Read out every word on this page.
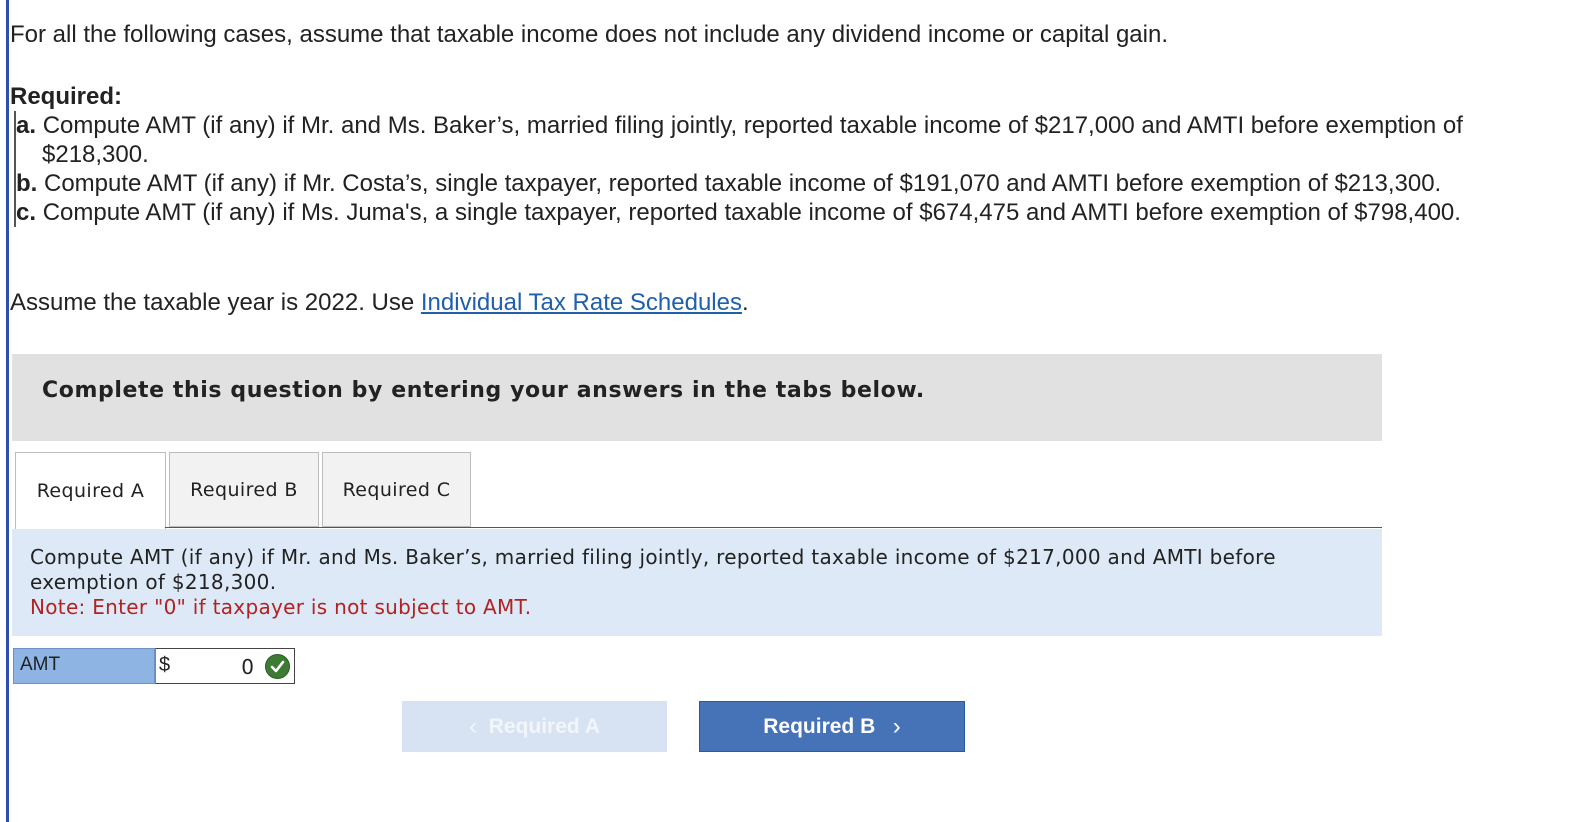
For all the following cases, assume that taxable income does not include any dividend income or capital gain.

Required:

a. Compute AMT (if any) if Mr. and Ms. Baker’s, married filing jointly, reported taxable income of $217,000 and AMTI before exemption of $218,300.
b. Compute AMT (if any) if Mr. Costa’s, single taxpayer, reported taxable income of $191,070 and AMTI before exemption of $213,300.
c. Compute AMT (if any) if Ms. Juma's, a single taxpayer, reported taxable income of $674,475 and AMTI before exemption of $798,400.

Assume the taxable year is 2022. Use Individual Tax Rate Schedules.

Complete this question by entering your answers in the tabs below.
Required A	Required B	Required C
Compute AMT (if any) if Mr. and Ms. Baker’s, married filing jointly, reported taxable income of $217,000 and AMTI before exemption of $218,300.
Note: Enter "0" if taxpayer is not subject to AMT.
AMT	$	0
‹
Required A	Required B
›
